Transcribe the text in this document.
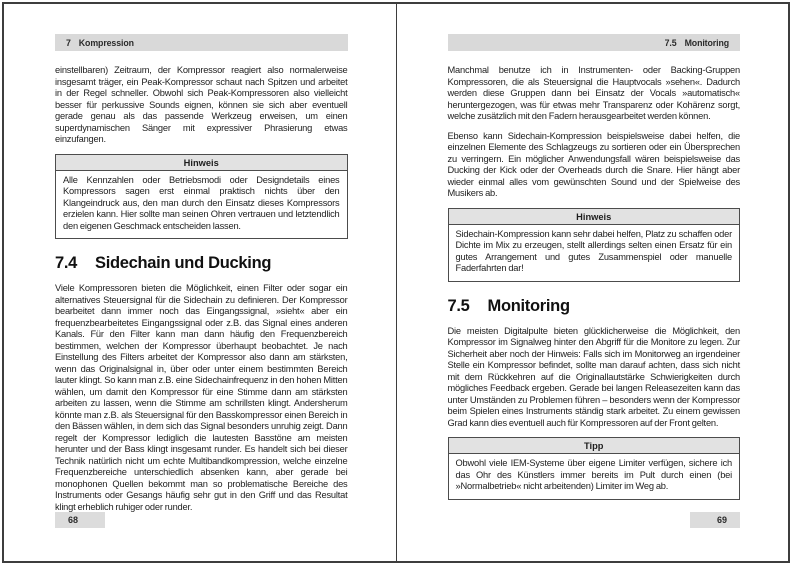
7 Kompression

einstellbaren) Zeitraum, der Kompressor reagiert also normalerweise insgesamt träger, ein Peak-Kompressor schaut nach Spitzen und arbeitet in der Regel schneller. Obwohl sich Peak-Kompressoren also vielleicht besser für perkussive Sounds eignen, können sie sich aber eventuell gerade genau als das passende Werkzeug erweisen, um einen superdynamischen Sänger mit expressiver Phrasierung etwas einzufangen.

Hinweis
Alle Kennzahlen oder Betriebsmodi oder Designdetails eines Kompressors sagen erst einmal praktisch nichts über den Klangeindruck aus, den man durch den Einsatz dieses Kompressors erzielen kann. Hier sollte man seinen Ohren vertrauen und letztendlich den eigenen Geschmack entscheiden lassen.
7.4	Sidechain und Ducking

Viele Kompressoren bieten die Möglichkeit, einen Filter oder sogar ein alternatives Steuersignal für die Sidechain zu definieren. Der Kompressor bearbeitet dann immer noch das Eingangssignal, »sieht« aber ein frequenzbearbeitetes Eingangssignal oder z.B. das Signal eines anderen Kanals. Für den Filter kann man dann häufig den Frequenzbereich bestimmen, welchen der Kompressor überhaupt beobachtet. Je nach Einstellung des Filters arbeitet der Kompressor also dann am stärksten, wenn das Originalsignal in, über oder unter einem bestimmten Bereich lauter klingt. So kann man z.B. eine Sidechainfrequenz in den hohen Mitten wählen, um damit den Kompressor für eine Stimme dann am stärksten arbeiten zu lassen, wenn die Stimme am schrillsten klingt. Andersherum könnte man z.B. als Steuersignal für den Basskompressor einen Bereich in den Bässen wählen, in dem sich das Signal besonders unruhig zeigt. Dann regelt der Kompressor lediglich die lautesten Basstöne am meisten herunter und der Bass klingt insgesamt runder. Es handelt sich bei dieser Technik natürlich nicht um echte Multibandkompression, welche einzelne Frequenzbereiche unterschiedlich absenken kann, aber gerade bei monophonen Quellen bekommt man so problematische Bereiche des Instruments oder Gesangs häufig sehr gut in den Griff und das Resultat klingt erheblich ruhiger oder runder.

68
7.5 Monitoring

Manchmal benutze ich in Instrumenten- oder Backing-Gruppen Kompressoren, die als Steuersignal die Hauptvocals »sehen«. Dadurch werden diese Gruppen dann bei Einsatz der Vocals »automatisch« heruntergezogen, was für etwas mehr Transparenz oder Kohärenz sorgt, welche zusätzlich mit den Fadern herausgearbeitet werden können.

Ebenso kann Sidechain-Kompression beispielsweise dabei helfen, die einzelnen Elemente des Schlagzeugs zu sortieren oder ein Übersprechen zu verringern. Ein möglicher Anwendungsfall wären beispielsweise das Ducking der Kick oder der Overheads durch die Snare. Hier hängt aber wieder einmal alles vom gewünschten Sound und der Spielweise des Musikers ab.

Hinweis
Sidechain-Kompression kann sehr dabei helfen, Platz zu schaffen oder Dichte im Mix zu erzeugen, stellt allerdings selten einen Ersatz für ein gutes Arrangement und gutes Zusammenspiel oder manuelle Faderfahrten dar!
7.5	Monitoring

Die meisten Digitalpulte bieten glücklicherweise die Möglichkeit, den Kompressor im Signalweg hinter den Abgriff für die Monitore zu legen. Zur Sicherheit aber noch der Hinweis: Falls sich im Monitorweg an irgendeiner Stelle ein Kompressor befindet, sollte man darauf achten, dass sich nicht mit dem Rückkehren auf die Originallautstärke Schwierigkeiten durch mögliches Feedback ergeben. Gerade bei langen Releasezeiten kann das unter Umständen zu Problemen führen – besonders wenn der Kompressor beim Spielen eines Instruments ständig stark arbeitet. Zu einem gewissen Grad kann dies eventuell auch für Kompressoren auf der Front gelten.

Tipp
Obwohl viele IEM-Systeme über eigene Limiter verfügen, sichere ich das Ohr des Künstlers immer bereits im Pult durch einen (bei »Normalbetrieb« nicht arbeitenden) Limiter im Weg ab.
69
